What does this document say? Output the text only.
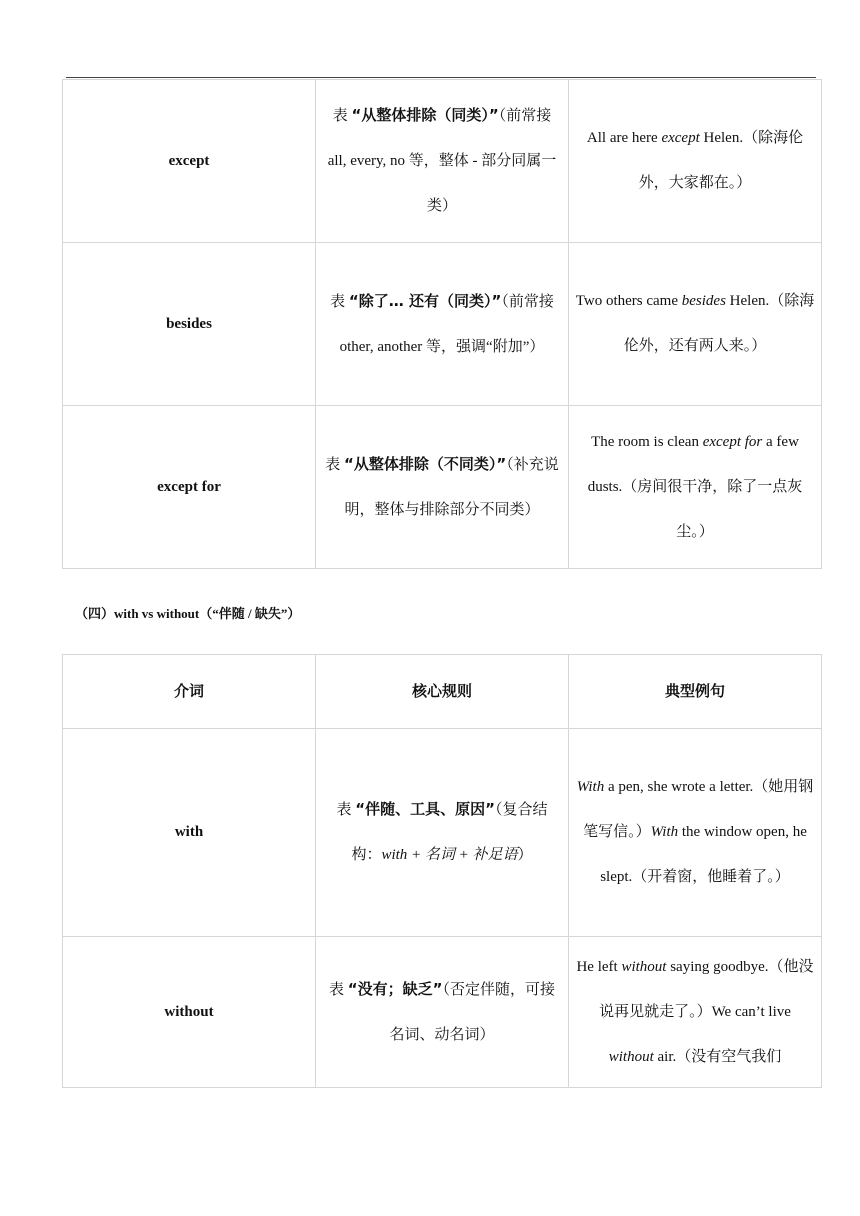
except	表 “从整体排除（同类）”（前常接 all, every, no 等，整体 - 部分同属一类）	All are here except Helen.（除海伦外，大家都在。）
besides	表 “除了… 还有（同类）”（前常接 other, another 等，强调“附加”）	Two others came besides Helen.（除海伦外，还有两人来。）
except for	表 “从整体排除（不同类）”（补充说明，整体与排除部分不同类）	The room is clean except for a few dusts.（房间很干净，除了一点灰尘。）
（四）with vs without（“伴随 / 缺失”）
介词	核心规则	典型例句
with	表 “伴随、工具、原因”（复合结构：with + 名词 + 补足语）	With a pen, she wrote a letter.（她用钢笔写信。）With the window open, he slept.（开着窗，他睡着了。）
without	表 “没有；缺乏”（否定伴随，可接名词、动名词）	He left without saying goodbye.（他没说再见就走了。）We can’t live without air.（没有空气我们
